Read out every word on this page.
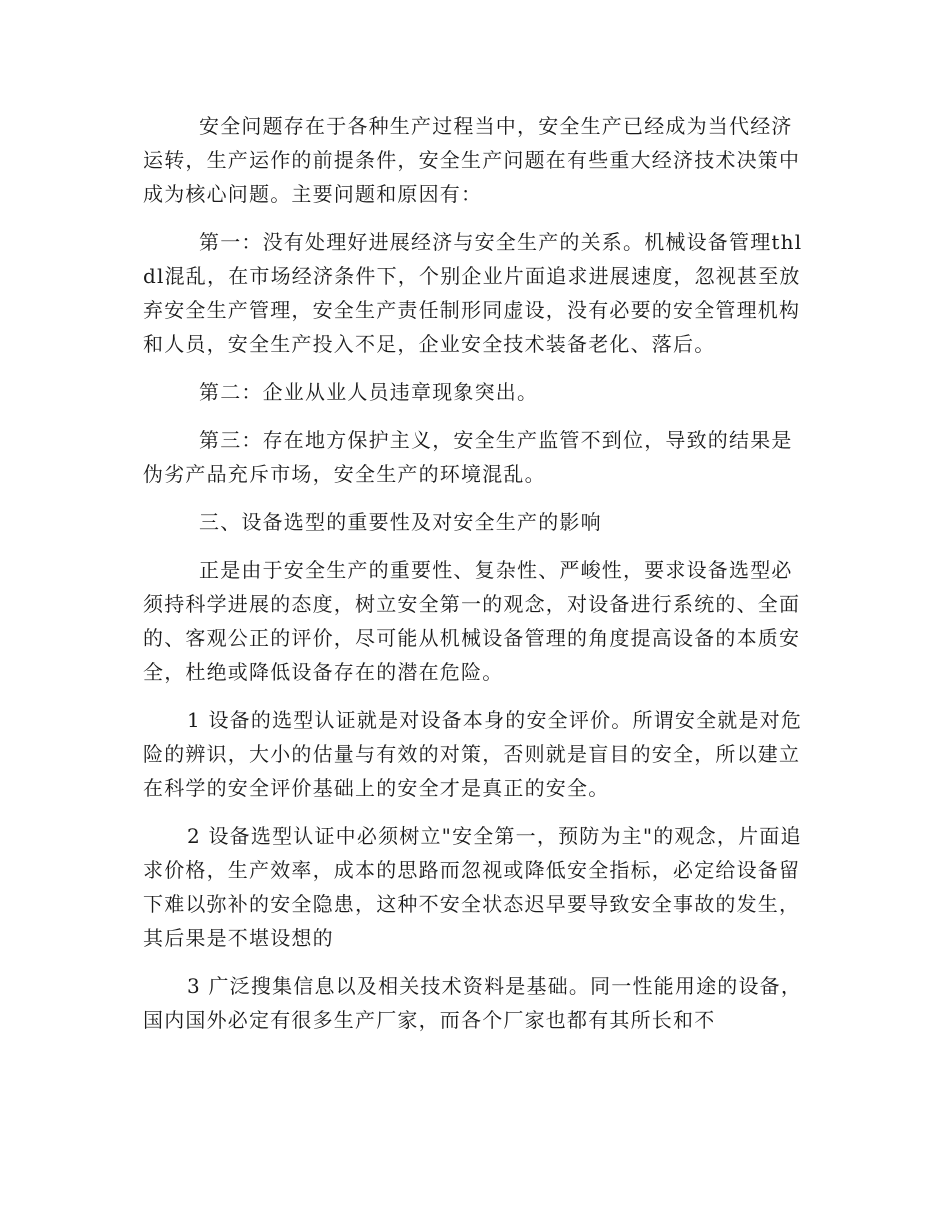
安全问题存在于各种生产过程当中，安全生产已经成为当代经济运转，生产运作的前提条件，安全生产问题在有些重大经济技术决策中成为核心问题。主要问题和原因有：

第一：没有处理好进展经济与安全生产的关系。机械设备管理thldl混乱，在市场经济条件下，个别企业片面追求进展速度，忽视甚至放弃安全生产管理，安全生产责任制形同虚设，没有必要的安全管理机构和人员，安全生产投入不足，企业安全技术装备老化、落后。

第二：企业从业人员违章现象突出。

第三：存在地方保护主义，安全生产监管不到位，导致的结果是伪劣产品充斥市场，安全生产的环境混乱。

三、设备选型的重要性及对安全生产的影响

正是由于安全生产的重要性、复杂性、严峻性，要求设备选型必须持科学进展的态度，树立安全第一的观念，对设备进行系统的、全面的、客观公正的评价，尽可能从机械设备管理的角度提高设备的本质安全，杜绝或降低设备存在的潜在危险。

1 设备的选型认证就是对设备本身的安全评价。所谓安全就是对危险的辨识，大小的估量与有效的对策，否则就是盲目的安全，所以建立在科学的安全评价基础上的安全才是真正的安全。

2 设备选型认证中必须树立"安全第一，预防为主"的观念，片面追求价格，生产效率，成本的思路而忽视或降低安全指标，必定给设备留下难以弥补的安全隐患，这种不安全状态迟早要导致安全事故的发生，其后果是不堪设想的

3 广泛搜集信息以及相关技术资料是基础。同一性能用途的设备，国内国外必定有很多生产厂家，而各个厂家也都有其所长和不
